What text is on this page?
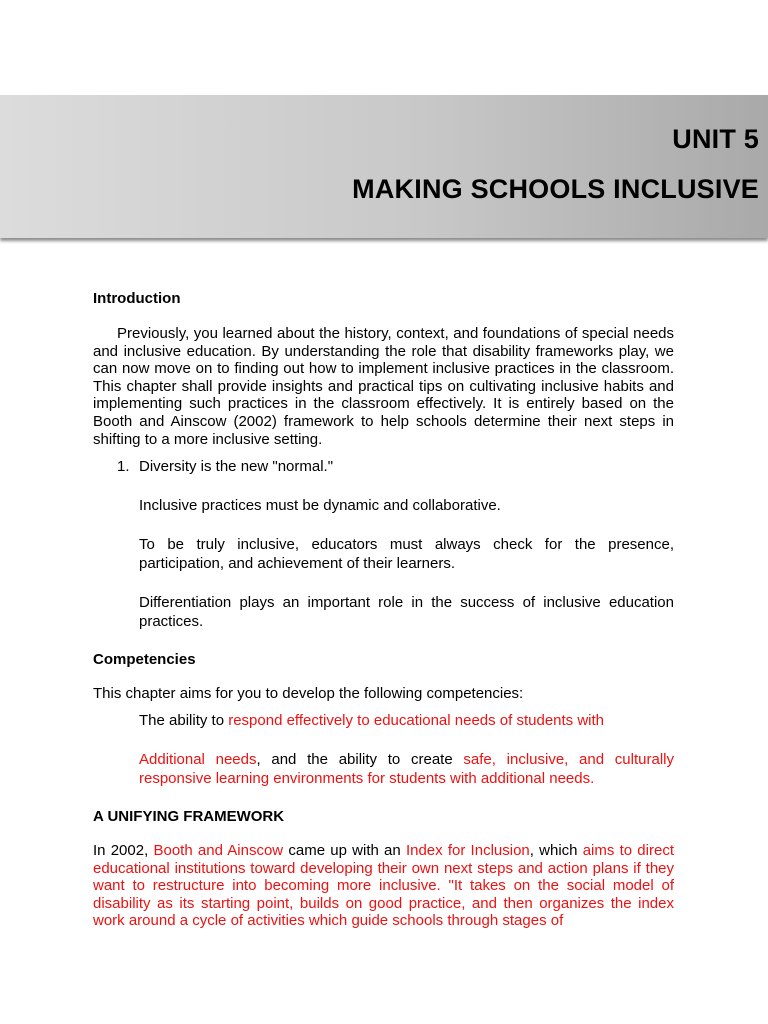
UNIT 5
MAKING SCHOOLS INCLUSIVE

Introduction

Previously, you learned about the history, context, and foundations of special needs and inclusive education. By understanding the role that disability frameworks play, we can now move on to finding out how to implement inclusive practices in the classroom. This chapter shall provide insights and practical tips on cultivating inclusive habits and implementing such practices in the classroom effectively. It is entirely based on the Booth and Ainscow (2002) framework to help schools determine their next steps in shifting to a more inclusive setting.

1. Diversity is the new "normal."
Inclusive practices must be dynamic and collaborative.
To be truly inclusive, educators must always check for the presence, participation, and achievement of their learners.
Differentiation plays an important role in the success of inclusive education practices.

Competencies

This chapter aims for you to develop the following competencies:

The ability to respond effectively to educational needs of students with
Additional needs, and the ability to create safe, inclusive, and culturally responsive learning environments for students with additional needs.

A UNIFYING FRAMEWORK

In 2002, Booth and Ainscow came up with an Index for Inclusion, which aims to direct educational institutions toward developing their own next steps and action plans if they want to restructure into becoming more inclusive. "It takes on the social model of disability as its starting point, builds on good practice, and then organizes the index work around a cycle of activities which guide schools through stages of
